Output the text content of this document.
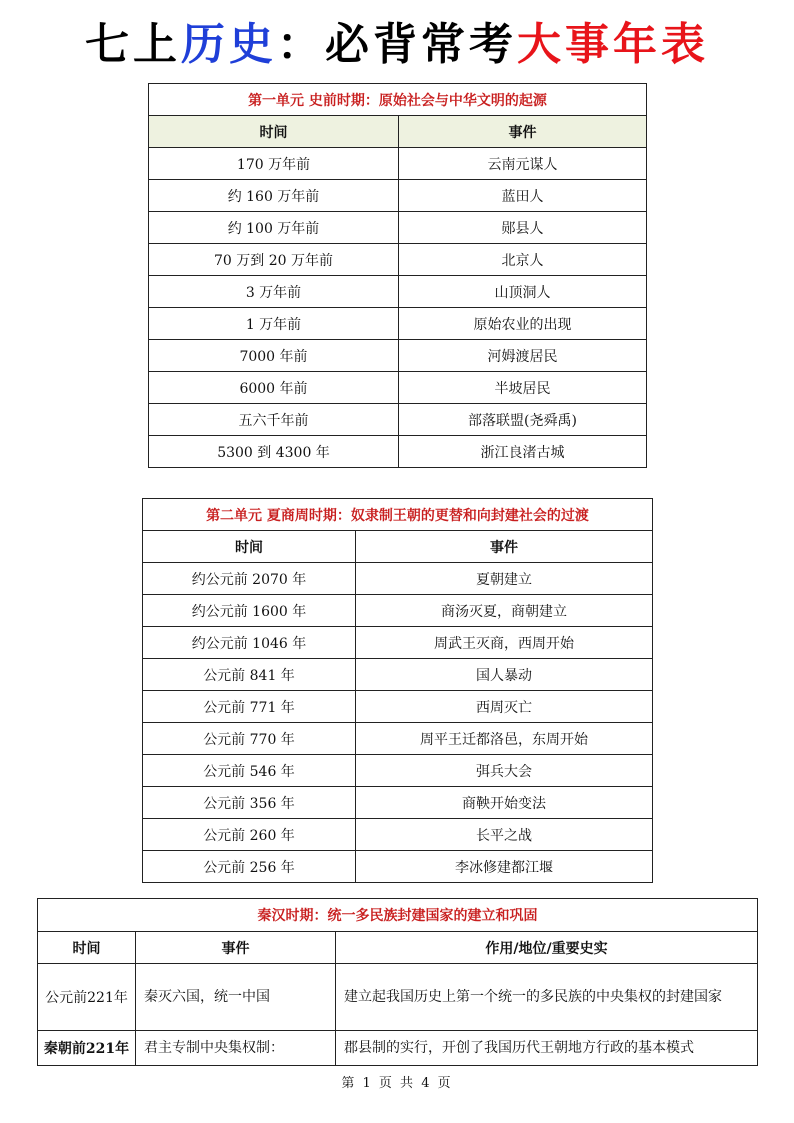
七上历史：必背常考大事年表
第一单元 史前时期：原始社会与中华文明的起源	
时间	事件
170 万年前	云南元谋人
约 160 万年前	蓝田人
约 100 万年前	郧县人
70 万到 20 万年前	北京人
3 万年前	山顶洞人
1 万年前	原始农业的出现
7000 年前	河姆渡居民
6000 年前	半坡居民
五六千年前	部落联盟(尧舜禹)
5300 到 4300 年	浙江良渚古城
第二单元 夏商周时期：奴隶制王朝的更替和向封建社会的过渡	
时间	事件
约公元前 2070 年	夏朝建立
约公元前 1600 年	商汤灭夏，商朝建立
约公元前 1046 年	周武王灭商，西周开始
公元前 841 年	国人暴动
公元前 771 年	西周灭亡
公元前 770 年	周平王迁都洛邑，东周开始
公元前 546 年	弭兵大会
公元前 356 年	商鞅开始变法
公元前 260 年	长平之战
公元前 256 年	李冰修建都江堰
秦汉时期：统一多民族封建国家的建立和巩固		
时间	事件	作用/地位/重要史实
公元前221年	秦灭六国，统一中国	建立起我国历史上第一个统一的多民族的中央集权的封建国家
秦朝前221年	君主专制中央集权制：	郡县制的实行，开创了我国历代王朝地方行政的基本模式
第 1 页 共 4 页
